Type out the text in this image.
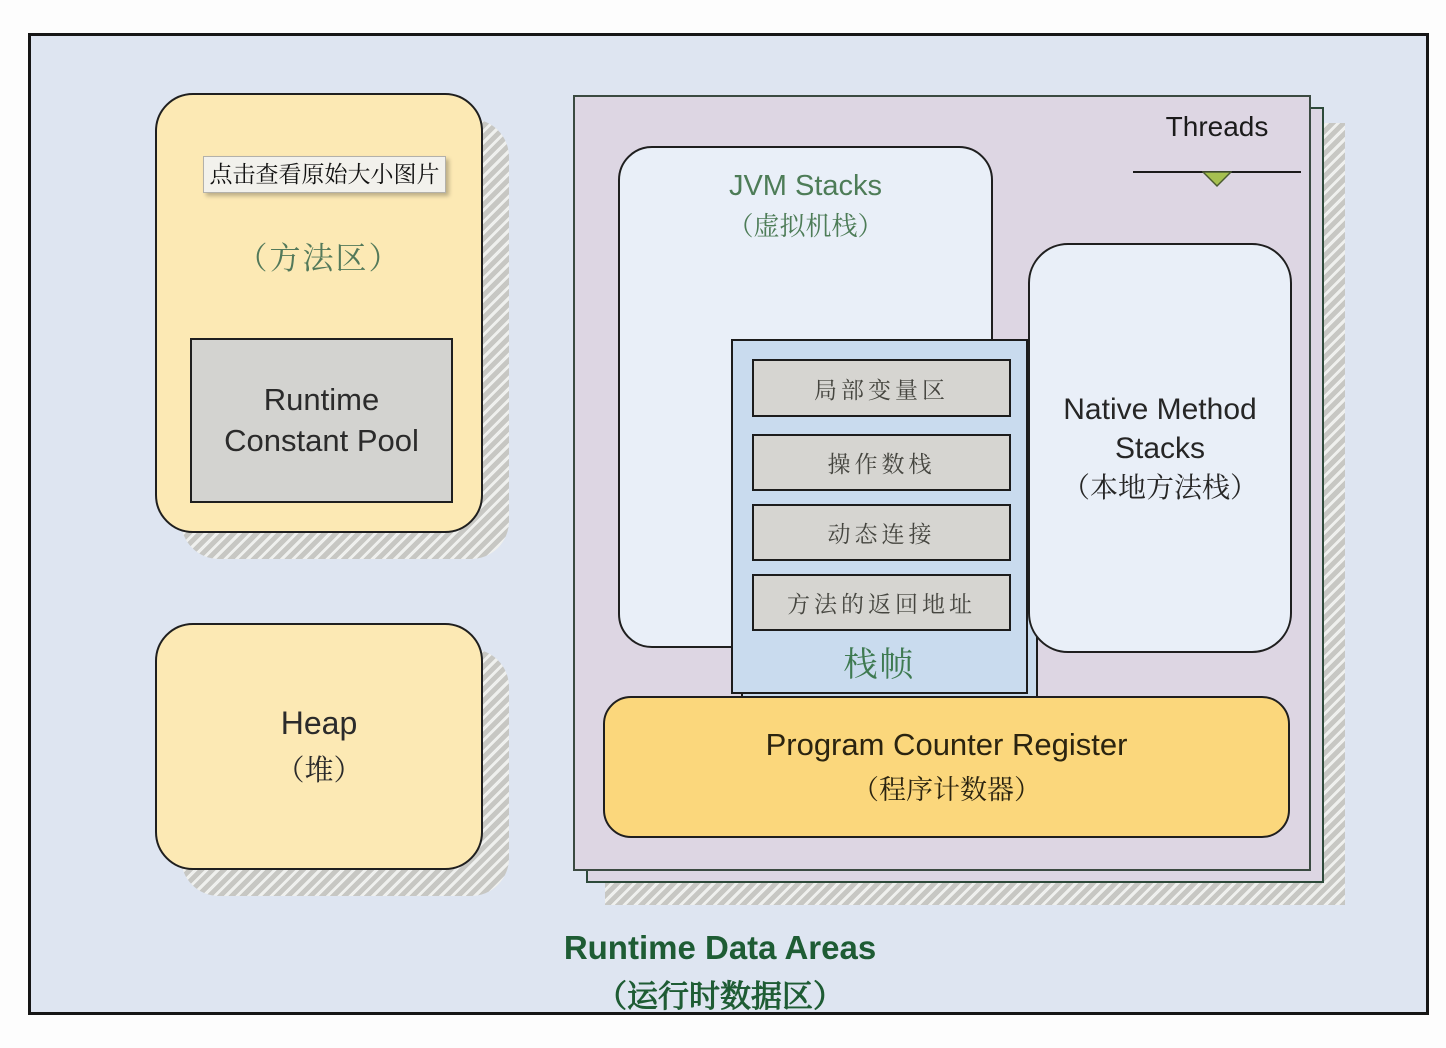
（方法区）
Runtime
Constant Pool
点击查看原始大小图片
Heap
（堆）
Threads
JVM Stacks
（虚拟机栈）
局部变量区
操作数栈
动态连接
方法的返回地址
栈帧
Native Method
Stacks
（本地方法栈）
Program Counter Register
（程序计数器）
Runtime Data Areas
（运行时数据区）
